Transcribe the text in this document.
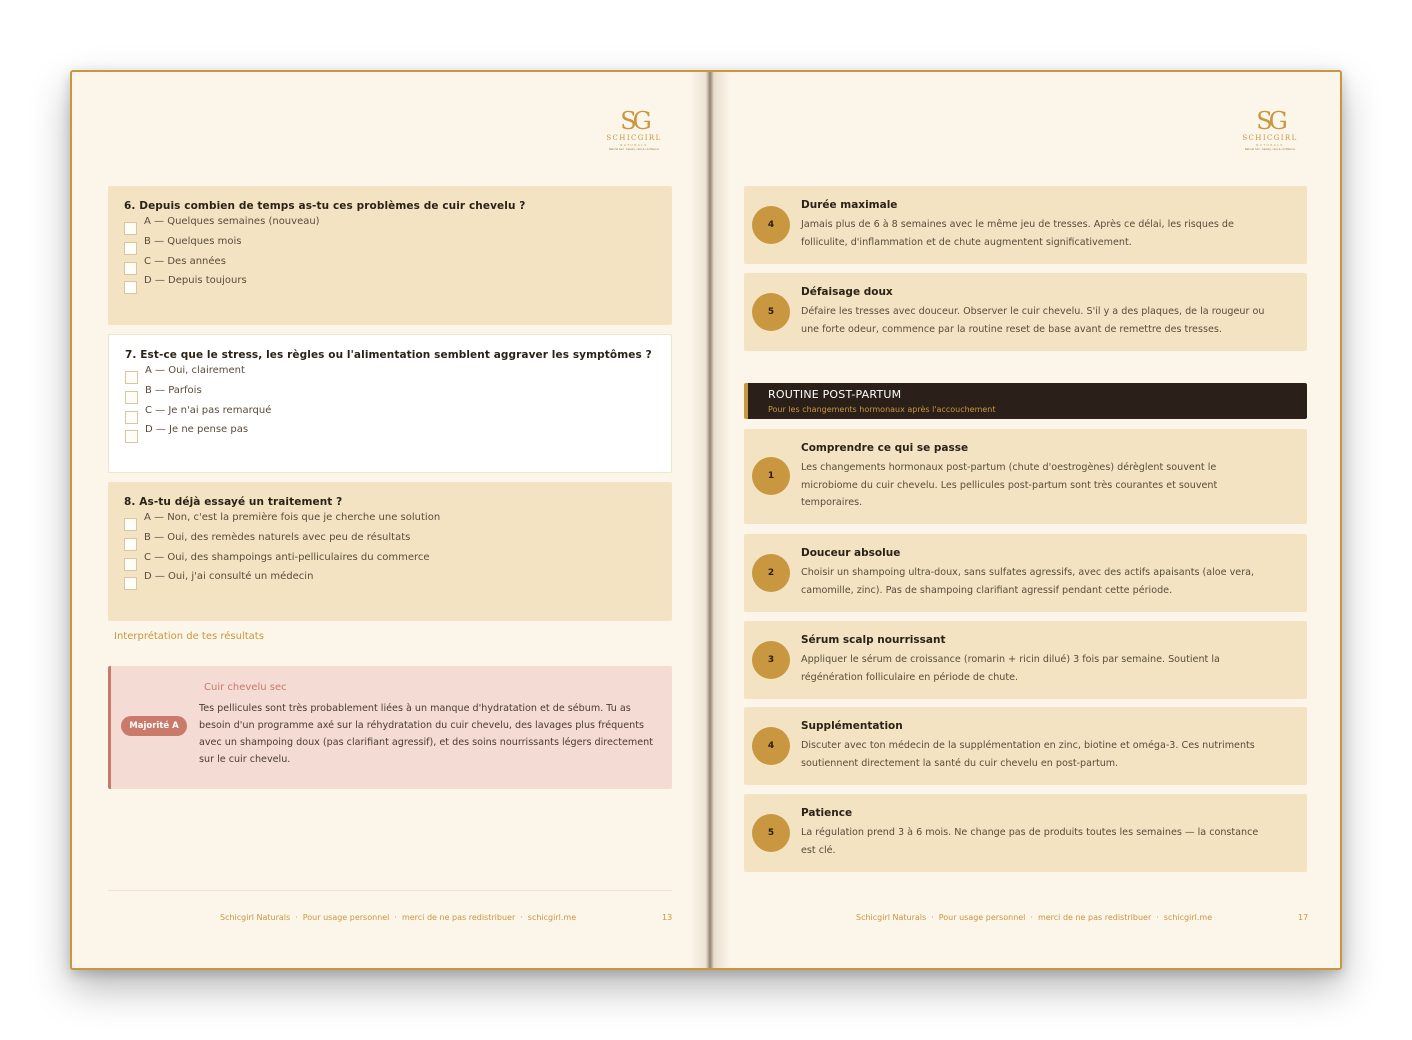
SG
SCHICGIRL
NATURALS
Natural hair · beauty, care & confidence
6. Depuis combien de temps as-tu ces problèmes de cuir chevelu ?
A — Quelques semaines (nouveau)
B — Quelques mois
C — Des années
D — Depuis toujours
7. Est-ce que le stress, les règles ou l'alimentation semblent aggraver les symptômes ?
A — Oui, clairement
B — Parfois
C — Je n'ai pas remarqué
D — Je ne pense pas
8. As-tu déjà essayé un traitement ?
A — Non, c'est la première fois que je cherche une solution
B — Oui, des remèdes naturels avec peu de résultats
C — Oui, des shampoings anti-pelliculaires du commerce
D — Oui, j'ai consulté un médecin
Interprétation de tes résultats
Majorité A
Cuir chevelu sec
Tes pellicules sont très probablement liées à un manque d'hydratation et de sébum. Tu as besoin d'un programme axé sur la réhydratation du cuir chevelu, des lavages plus fréquents avec un shampoing doux (pas clarifiant agressif), et des soins nourrissants légers directement sur le cuir chevelu.
Schicgirl Naturals · Pour usage personnel · merci de ne pas redistribuer · schicgirl.me	13
SG
SCHICGIRL
NATURALS
Natural hair · beauty, care & confidence
4
Durée maximale
Jamais plus de 6 à 8 semaines avec le même jeu de tresses. Après ce délai, les risques de folliculite, d'inflammation et de chute augmentent significativement.
5
Défaisage doux
Défaire les tresses avec douceur. Observer le cuir chevelu. S'il y a des plaques, de la rougeur ou une forte odeur, commence par la routine reset de base avant de remettre des tresses.
ROUTINE POST-PARTUM
Pour les changements hormonaux après l'accouchement
1
Comprendre ce qui se passe
Les changements hormonaux post-partum (chute d'oestrogènes) dérèglent souvent le microbiome du cuir chevelu. Les pellicules post-partum sont très courantes et souvent temporaires.
2
Douceur absolue
Choisir un shampoing ultra-doux, sans sulfates agressifs, avec des actifs apaisants (aloe vera, camomille, zinc). Pas de shampoing clarifiant agressif pendant cette période.
3
Sérum scalp nourrissant
Appliquer le sérum de croissance (romarin + ricin dilué) 3 fois par semaine. Soutient la régénération folliculaire en période de chute.
4
Supplémentation
Discuter avec ton médecin de la supplémentation en zinc, biotine et oméga-3. Ces nutriments soutiennent directement la santé du cuir chevelu en post-partum.
5
Patience
La régulation prend 3 à 6 mois. Ne change pas de produits toutes les semaines — la constance est clé.
Schicgirl Naturals · Pour usage personnel · merci de ne pas redistribuer · schicgirl.me	17
